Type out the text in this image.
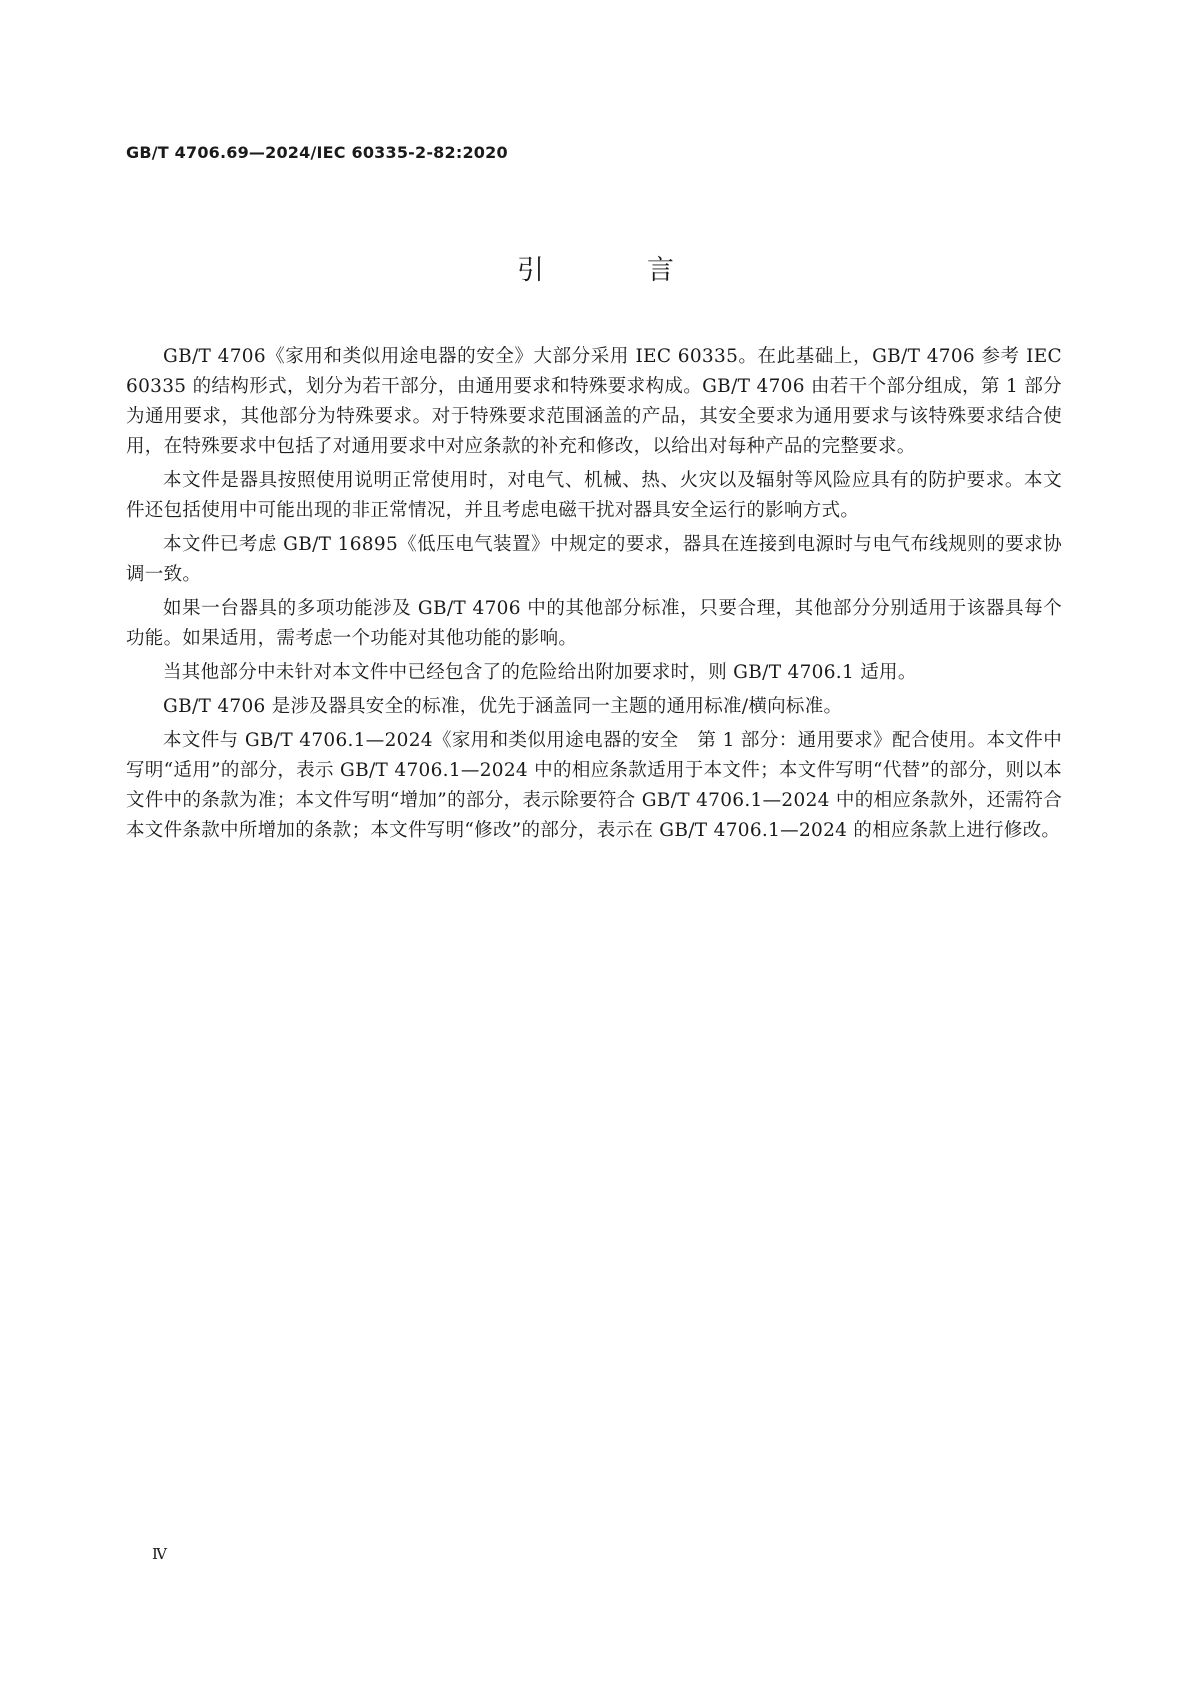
GB/T 4706.69—2024/IEC 60335-2-82:2020
引　言

GB/T 4706《家用和类似用途电器的安全》大部分采用 IEC 60335。在此基础上，GB/T 4706 参考 IEC 60335 的结构形式，划分为若干部分，由通用要求和特殊要求构成。GB/T 4706 由若干个部分组成，第 1 部分为通用要求，其他部分为特殊要求。对于特殊要求范围涵盖的产品，其安全要求为通用要求与该特殊要求结合使用，在特殊要求中包括了对通用要求中对应条款的补充和修改，以给出对每种产品的完整要求。

本文件是器具按照使用说明正常使用时，对电气、机械、热、火灾以及辐射等风险应具有的防护要求。本文件还包括使用中可能出现的非正常情况，并且考虑电磁干扰对器具安全运行的影响方式。

本文件已考虑 GB/T 16895《低压电气装置》中规定的要求，器具在连接到电源时与电气布线规则的要求协调一致。

如果一台器具的多项功能涉及 GB/T 4706 中的其他部分标准，只要合理，其他部分分别适用于该器具每个功能。如果适用，需考虑一个功能对其他功能的影响。

当其他部分中未针对本文件中已经包含了的危险给出附加要求时，则 GB/T 4706.1 适用。

GB/T 4706 是涉及器具安全的标准，优先于涵盖同一主题的通用标准/横向标准。

本文件与 GB/T 4706.1—2024《家用和类似用途电器的安全　第 1 部分：通用要求》配合使用。本文件中写明“适用”的部分，表示 GB/T 4706.1—2024 中的相应条款适用于本文件；本文件写明“代替”的部分，则以本文件中的条款为准；本文件写明“增加”的部分，表示除要符合 GB/T 4706.1—2024 中的相应条款外，还需符合本文件条款中所增加的条款；本文件写明“修改”的部分，表示在 GB/T 4706.1—2024 的相应条款上进行修改。

Ⅳ
